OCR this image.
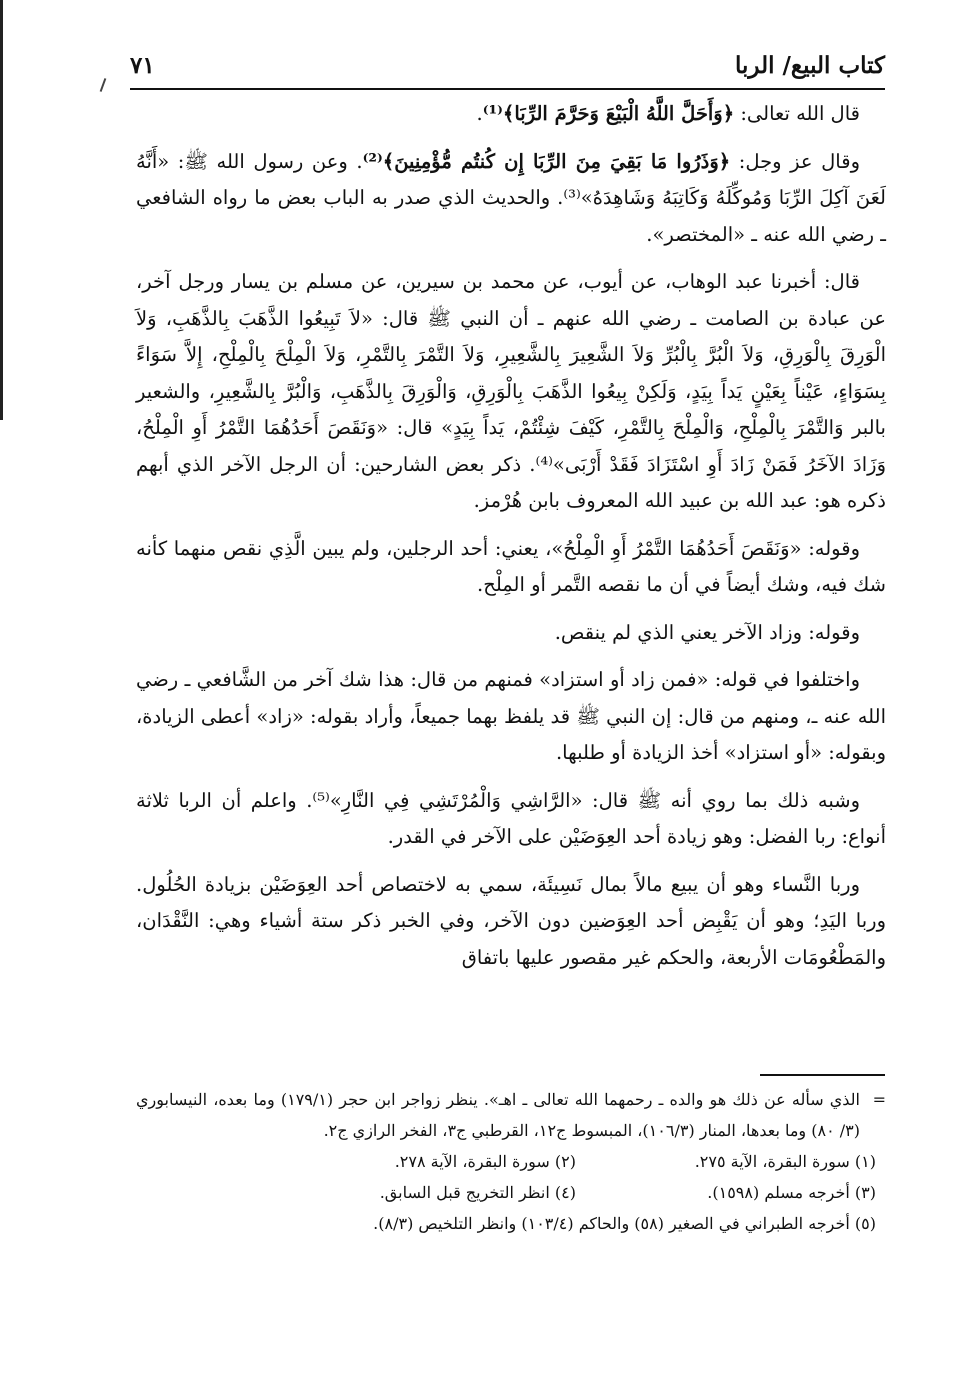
كتاب البيع/ الربا
٧١

قال الله تعالى: ﴿وَأَحَلَّ اللَّهُ الْبَيْعَ وَحَرَّمَ الرِّبَا﴾⁽¹⁾.

وقال عز وجل: ﴿وَذَرُوا مَا بَقِيَ مِنَ الرِّبَا إِن كُنتُم مُّؤْمِنِينَ﴾⁽²⁾. وعن رسول الله ﷺ: «أَنَّهُ لَعَنَ آكِلَ الرِّبَا وَمُوكِّلَهُ وَكَاتِبَهُ وَشَاهِدَهُ»⁽³⁾. والحديث الذي صدر به الباب بعض ما رواه الشافعي ـ رضي الله عنه ـ «المختصر».

قال: أخبرنا عبد الوهاب، عن أيوب، عن محمد بن سيرين، عن مسلم بن يسار ورجل آخر، عن عبادة بن الصامت ـ رضي الله عنهم ـ أن النبي ﷺ قال: «لاَ تَبِيعُوا الذَّهَبَ بِالذَّهَبِ، وَلاَ الْوَرِقَ بِالْوَرِقِ، وَلاَ الْبُرَّ بِالْبُرِّ وَلاَ الشَّعِيرَ بِالشَّعِيرِ، وَلاَ التَّمْرَ بِالتَّمْرِ، وَلاَ الْمِلْحَ بِالْمِلْحِ، إِلاَّ سَوَاءً بِسَوَاءٍ، عَيْناً بِعَيْنٍ يَداً بِيَدٍ، وَلَكِنْ بِيعُوا الذَّهَبَ بِالْوَرِقِ، وَالْوَرِقَ بِالذَّهَبِ، وَالْبُرَّ بِالشَّعِيرِ، والشعير بالبر وَالتَّمْرَ بِالْمِلْحِ، وَالْمِلْحَ بِالتَّمْرِ، كَيْفَ شِئْتُمْ، يَداً بِيَدٍ» قال: «وَنَقَصَ أَحَدُهُمَا التَّمْرُ أَوِ الْمِلْحُ، وَزَادَ الآخَرُ فَمَنْ زَادَ أَوِ اسْتَزَادَ فَقَدْ أَرْبَى»⁽⁴⁾. ذكر بعض الشارحين: أن الرجل الآخر الذي أبهم ذكره هو: عبد الله بن عبيد الله المعروف بابن هُرْمز.

وقوله: «وَنَقَصَ أَحَدُهُمَا التَّمْرُ أَوِ الْمِلْحُ»، يعني: أحد الرجلين، ولم يبين الَّذِي نقص منهما كأنه شك فيه، وشك أيضاً في أن ما نقصه التَّمر أو المِلْح.

وقوله: وزاد الآخر يعني الذي لم ينقص.

واختلفوا في قوله: «فمن زاد أو استزاد» فمنهم من قال: هذا شك آخر من الشَّافعي ـ رضي الله عنه ـ، ومنهم من قال: إن النبي ﷺ قد يلفظ بهما جميعاً، وأراد بقوله: «زاد» أعطى الزيادة، وبقوله: «أو استزاد» أخذ الزيادة أو طلبها.

وشبه ذلك بما روي أنه ﷺ قال: «الرَّاشِي وَالْمُرْتَشِي فِي النَّارِ»⁽⁵⁾. واعلم أن الربا ثلاثة أنواع: ربا الفضل: وهو زيادة أحد العِوَضَيْن على الآخر في القدر.

وربا النَّساء وهو أن يبيع مالاً بمال نَسِيئَة، سمي به لاختصاص أحد العِوَضَيْن بزيادة الحُلُول. وربا اليَدِ؛ وهو أن يَقْبِض أحد العِوَضين دون الآخر، وفي الخبر ذكر ستة أشياء وهي: النَّقْدَان، والمَطْعُومَات الأربعة، والحكم غير مقصور عليها باتفاق

=
الذي سأله عن ذلك هو والده ـ رحمهما الله تعالى ـ اهـ». ينظر زواجر ابن حجر (١٧٩/١) وما بعده، النيسابوري (٣/ ٨٠) وما بعدها، المنار (١٠٦/٣)، المبسوط ج١٢، القرطبي ج٣، الفخر الرازي ج٢.
(١) سورة البقرة، الآية ٢٧٥.
(٢) سورة البقرة، الآية ٢٧٨.
(٣) أخرجه مسلم (١٥٩٨).
(٤) انظر التخريج قبل السابق.
(٥) أخرجه الطبراني في الصغير (٥٨) والحاكم (١٠٣/٤) وانظر التلخيص (٨/٣).
